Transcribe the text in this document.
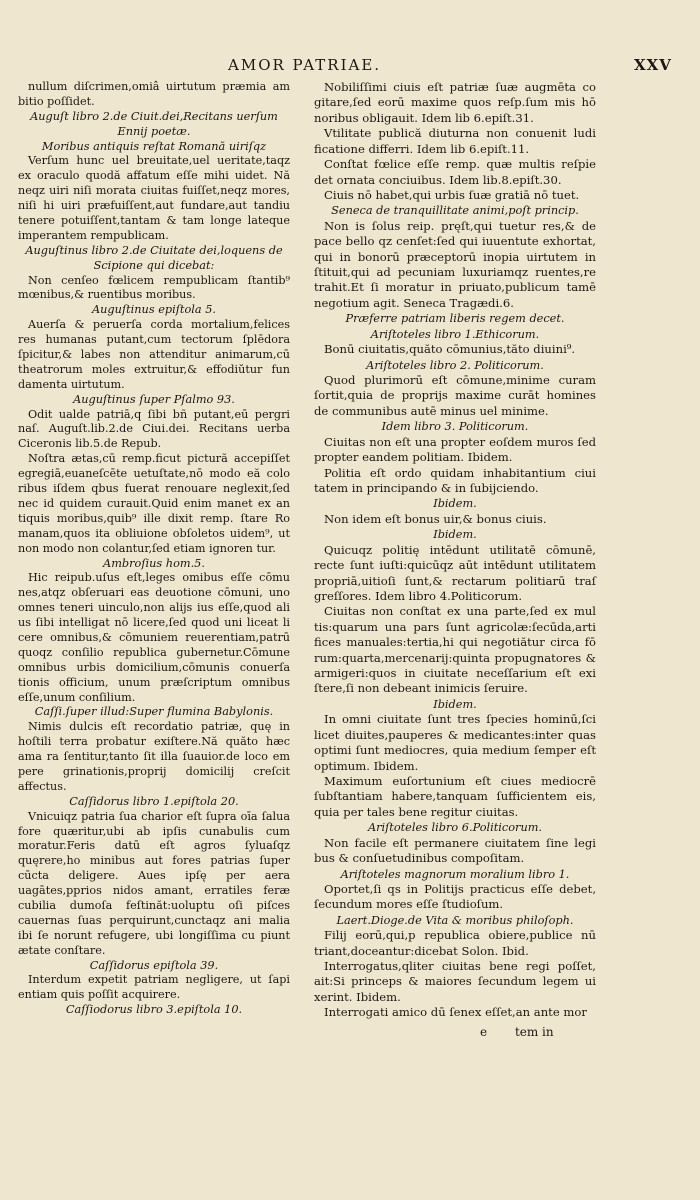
AMOR PATRIAE.	XXV

nullum diſcrimen,omiâ uirtutum præmia am bitio poſſidet.

Auguſt libro 2.de Ciuit.dei,Recitans uerſum

Ennij poetæ.

Moribus antiquis reſtat Romană uiriſqz

Verſum hunc uel breuitate,uel ueritate,taqz ex oraculo quodă affatum eſſe mihi uidet. Nă neqz uiri niſi morata ciuitas fuiſſet,neqz mores, niſi hi uiri præfuiſſent,aut fundare,aut tandiu tenere potuiſſent,tantam & tam longe lateque imperantem rempublicam.

Auguſtinus libro 2.de Ciuitate dei,loquens de

Scipione qui dicebat:

Non cenſeo fœlicem rempublicam ſtantib⁹ mœnibus,& ruentibus moribus.

Auguſtinus epiſtola 5.

Auerſa & peruerſa corda mortalium,felices res humanas putant,cum tectorum ſplēdora ſpicitur,& labes non attenditur animarum,cū theatrorum moles extruitur,& effodiŭtur fun damenta uirtutum.

Auguſtinus ſuper Pſalmo 93.

Odit ualde patriā,q ſibi bñ putant,eū pergri naſ. Auguſt.lib.2.de Ciui.dei. Recitans uerba Ciceronis lib.5.de Repub.

Noſtra ætas,cū remp.ficut pictură accepiſſet egregiā,euaneſcēte uetuſtate,nō modo eă colo ribus iſdem qbus fuerat renouare neglexit,ſed nec id quidem curauit.Quid enim manet ex an tiquis moribus,quib⁹ ille dixit remp. ſtare Ro manam,quos ita obliuione obſoletos uidem⁹, ut non modo non colantur,ſed etiam ignoren tur.

Ambroſius hom.5.

Hic reipub.uſus eſt,leges omibus eſſe cōmu nes,atqz obſeruari eas deuotione cōmuni, uno omnes teneri uinculo,non alijs ius eſſe,quod ali us ſibi intelligat nō licere,ſed quod uni liceat li cere omnibus,& cōmuniem reuerentiam,patrū quoqz conſilio republica gubernetur.Cōmune omnibus urbis domicilium,cōmunis conuerſa tionis officium, unum præſcriptum omnibus eſſe,unum conſilium.

Caſſi.ſuper illud:Super flumina Babylonis.

Nimis dulcis eſt recordatio patriæ, quę in hoſtili terra probatur exiſtere.Nă quăto hæc ama ra ſentitur,tanto ſit illa ſuauior.de loco em pere grinationis,proprij domicilij creſcit affectus.

Caſſidorus libro 1.epiſtola 20.

Vnicuiqz patria ſua charior eſt ſupra oīa ſalua fore quæritur,ubi ab ipſis cunabulis cum moratur.Feris datū eſt agros ſyluaſqz quęrere,ho minibus aut fores patrias ſuper cūcta deligere. Aues ipſę per aera uagātes,pprios nidos amant, erratiles feræ cubilia dumoſa feſtinăt:uoluptu oſi piſces cauernas ſuas perquirunt,cunctaqz ani malia ibi ſe norunt refugere, ubi longiſſima cu piunt ætate conſtare.

Caſſidorus epiſtola 39.

Interdum expetit patriam negligere, ut ſapi entiam quis poſſit acquirere.

Caſſiodorus libro 3.epiſtola 10.

Nobiliſſimi ciuis eſt patriæ ſuæ augmēta co gitare,ſed eorū maxime quos reſp.ſum mis hō noribus obligauit. Idem lib 6.epiſt.31.

Vtilitate publică diuturna non conuenit ludi ficatione differri. Idem lib 6.epiſt.11.

Conſtat fœlice eſſe remp. quæ multis reſpi̇e det ornata conciuibus. Idem lib.8.epiſt.30.

Ciuis nō habet,qui urbis ſuæ gratiā nō tuet.

Seneca de tranquillitate animi,poſt princip.

Non is ſolus reip. pręſt,qui tuetur res,& de pace bello qz cenſet:ſed qui iuuentute exhortat, qui in bonorū præceptorū inopia uirtutem in ſtituit,qui ad pecuniam luxuriamqz ruentes,re trahit.Et ſi moratur in priuato,publicum tamē negotium agit. Seneca Tragædi.6.

Præferre patriam liberis regem decet.

Ariſtoteles libro 1.Ethicorum.

Bonū ciuitatis,quăto cōmunius,tăto diuini⁹.

Ariſtoteles libro 2. Politicorum.

Quod plurimorū eſt cōmune,minime curam ſortit,quia de proprijs maxime curāt homines de communibus autē minus uel minime.

Idem libro 3. Politicorum.

Ciuitas non eſt una propter eoſdem muros ſed propter eandem politiam. Ibidem.

Politia eſt ordo quidam inhabitantium ciui tatem in principando & in ſubijciendo.

Ibidem.

Non idem eſt bonus uir,& bonus ciuis.

Ibidem.

Quicuqz politię intēdunt utilitatē cōmunē, recte ſunt iuſti:quicūqz aūt intēdunt utilitatem propriā,uitioſi ſunt,& rectarum politiarū traſ greſſores. Idem libro 4.Politicorum.

Ciuitas non conſtat ex una parte,ſed ex mul tis:quarum una pars ſunt agricolæ:ſecūda,arti fices manuales:tertia,hi qui negotiătur circa fō rum:quarta,mercenarij:quinta propugnatores & armigeri:quos in ciuitate neceſſarium eſt exi ſtere,ſi non debeant inimicis ſeruire.

Ibidem.

In omni ciuitate ſunt tres ſpecies hominū,ſci licet diuites,pauperes & medicantes:inter quas optimi ſunt mediocres, quia medium ſemper eſt optimum. Ibidem.

Maximum euſortunium eſt ciues mediocrē ſubſtantiam habere,tanquam ſufficientem eis, quia per tales bene regitur ciuitas.

Ariſtoteles libro 6.Politicorum.

Non facile eſt permanere ciuitatem ſine legi bus & conſuetudinibus compoſitam.

Ariſtoteles magnorum moralium libro 1.

Oportet,ſi qs in Politijs practicus eſſe debet, ſecundum mores eſſe ſtudioſum.

Laert.Dioge.de Vita & moribus philoſoph.

Filij eorū,qui,p republica obiere,publice nū triant,doceantur:dicebat Solon. Ibid.

Interrogatus,qliter ciuitas bene regi poſſet, ait:Si princeps & maiores ſecundum legem ui xerint. Ibidem.

Interrogati amico dū ſenex eſſet,an ante mor

e tem in
